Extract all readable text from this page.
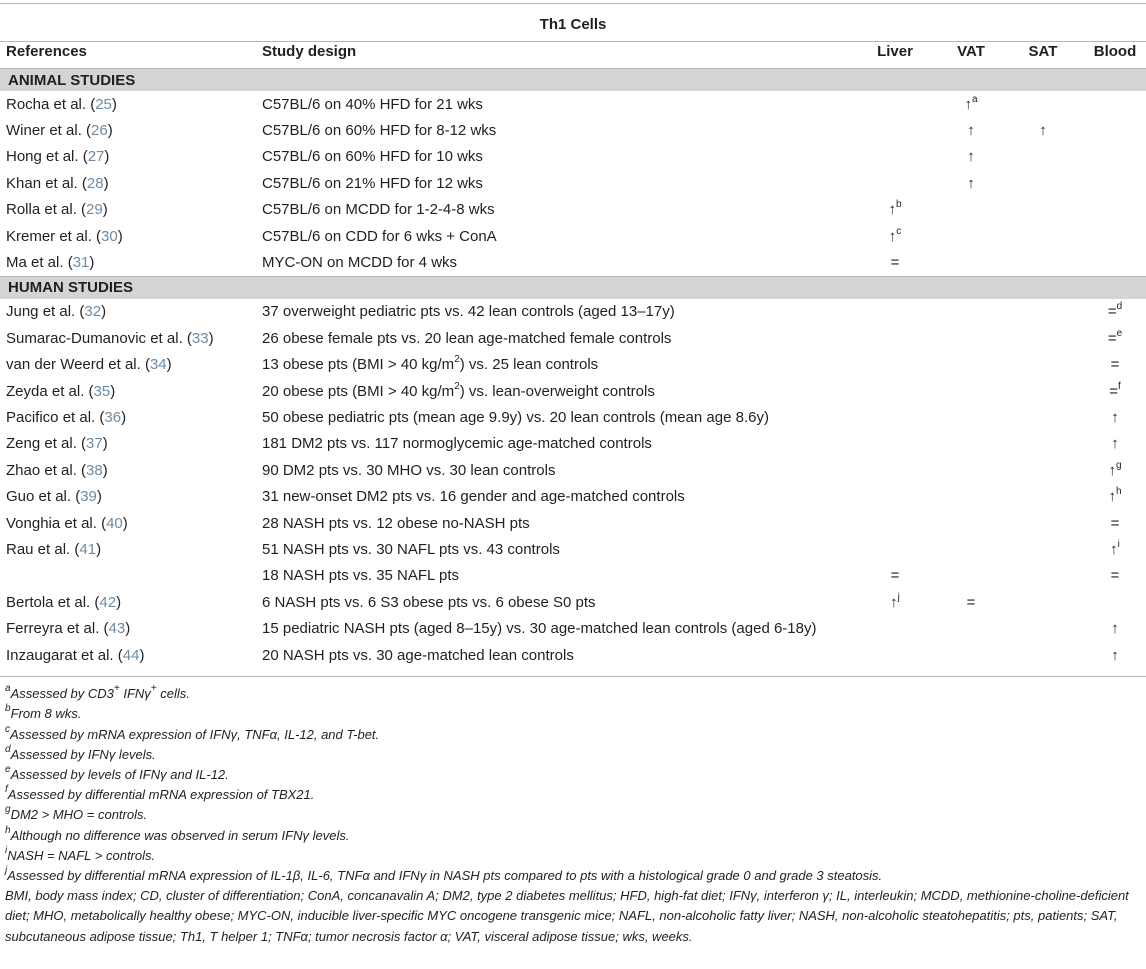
Th1 Cells
References	Study design	Liver	VAT	SAT	Blood
ANIMAL STUDIES					
Rocha et al. (25)	C57BL/6 on 40% HFD for 21 wks		↑$^a$		
Winer et al. (26)	C57BL/6 on 60% HFD for 8-12 wks		↑	↑	
Hong et al. (27)	C57BL/6 on 60% HFD for 10 wks		↑		
Khan et al. (28)	C57BL/6 on 21% HFD for 12 wks		↑		
Rolla et al. (29)	C57BL/6 on MCDD for 1-2-4-8 wks	↑$^b$			
Kremer et al. (30)	C57BL/6 on CDD for 6 wks + ConA	↑$^c$			
Ma et al. (31)	MYC-ON on MCDD for 4 wks	=			
HUMAN STUDIES					
Jung et al. (32)	37 overweight pediatric pts vs. 42 lean controls (aged 13–17y)				=$^d$
Sumarac-Dumanovic et al. (33)	26 obese female pts vs. 20 lean age-matched female controls				=$^e$
van der Weerd et al. (34)	13 obese pts (BMI > 40 $kg/m^2$) vs. 25 lean controls				=
Zeyda et al. (35)	20 obese pts (BMI > 40 $kg/m^2$) vs. lean-overweight controls				=$^f$
Pacifico et al. (36)	50 obese pediatric pts (mean age 9.9y) vs. 20 lean controls (mean age 8.6y)				↑
Zeng et al. (37)	181 DM2 pts vs. 117 normoglycemic age-matched controls				↑
Zhao et al. (38)	90 DM2 pts vs. 30 MHO vs. 30 lean controls				↑$^g$
Guo et al. (39)	31 new-onset DM2 pts vs. 16 gender and age-matched controls				↑$^h$
Vonghia et al. (40)	28 NASH pts vs. 12 obese no-NASH pts				=
Rau et al. (41)	51 NASH pts vs. 30 NAFL pts vs. 43 controls				↑$^i$
	18 NASH pts vs. 35 NAFL pts	=			=
Bertola et al. (42)	6 NASH pts vs. 6 S3 obese pts vs. 6 obese S0 pts	↑$^j$	=		
Ferreyra et al. (43)	15 pediatric NASH pts (aged 8–15y) vs. 30 age-matched lean controls (aged 6-18y)				↑
Inzaugarat et al. (44)	20 NASH pts vs. 30 age-matched lean controls				↑
$^a$Assessed by CD3+ IFNγ+ cells.
$^b$From 8 wks.
$^c$Assessed by mRNA expression of IFNγ, TNFα, IL-12, and T-bet.
$^d$Assessed by IFNγ levels.
$^e$Assessed by levels of IFNγ and IL-12.
$^f$Assessed by differential mRNA expression of TBX21.
$^g$DM2 > MHO = controls.
$^h$Although no difference was observed in serum IFNγ levels.
$^i$NASH = NAFL > controls.
$^j$Assessed by differential mRNA expression of IL-1β, IL-6, TNFα and IFNγ in NASH pts compared to pts with a histological grade 0 and grade 3 steatosis.
BMI, body mass index; CD, cluster of differentiation; ConA, concanavalin A; DM2, type 2 diabetes mellitus; HFD, high-fat diet; IFNγ, interferon γ; IL, interleukin; MCDD, methionine-choline-deficient diet; MHO, metabolically healthy obese; MYC-ON, inducible liver-specific MYC oncogene transgenic mice; NAFL, non-alcoholic fatty liver; NASH, non-alcoholic steatohepatitis; pts, patients; SAT, subcutaneous adipose tissue; Th1, T helper 1; TNFα; tumor necrosis factor α; VAT, visceral adipose tissue; wks, weeks.
